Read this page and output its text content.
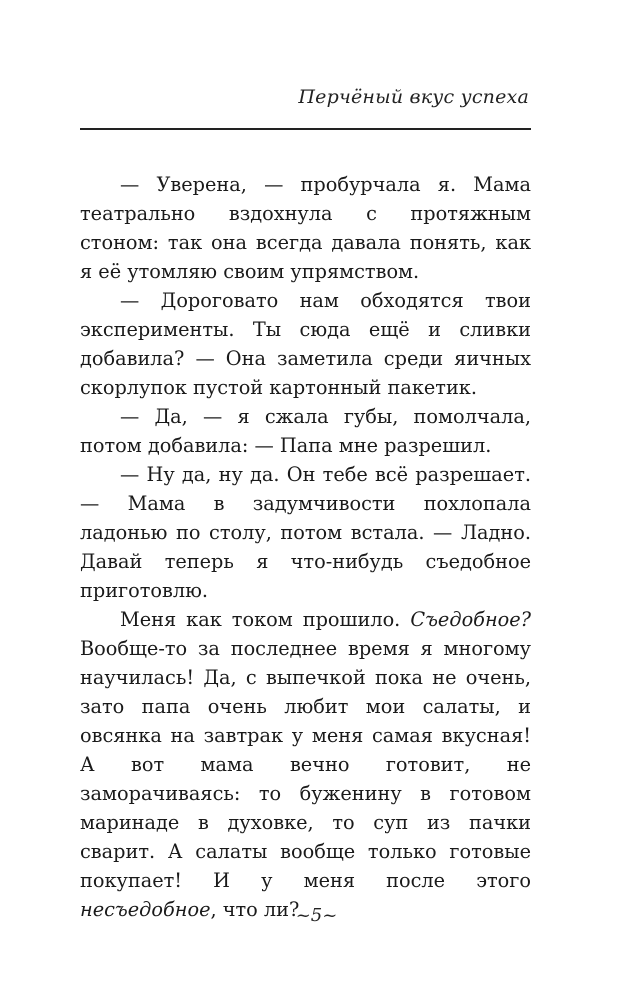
Перчёный вкус успеха

— Уверена, — пробурчала я. Мама театрально вздохнула с протяжным стоном: так она всегда давала понять, как я её утомляю своим упрямством.

— Дороговато нам обходятся твои эксперименты. Ты сюда ещё и сливки добавила? — Она заметила среди яичных скорлупок пустой картонный пакетик.

— Да, — я сжала губы, помолчала, потом добавила: — Папа мне разрешил.

— Ну да, ну да. Он тебе всё разрешает. — Мама в задумчивости похлопала ладонью по столу, потом встала. — Ладно. Давай теперь я что-нибудь съедобное приготовлю.

Меня как током прошило. Съедобное? Вообще-то за последнее время я многому научилась! Да, с выпечкой пока не очень, зато папа очень любит мои салаты, и овсянка на завтрак у меня самая вкусная! А вот мама вечно готовит, не заморачиваясь: то буженину в готовом маринаде в духовке, то суп из пачки сварит. А салаты вообще только готовые покупает! И у меня после этого несъедобное, что ли?

~5~
